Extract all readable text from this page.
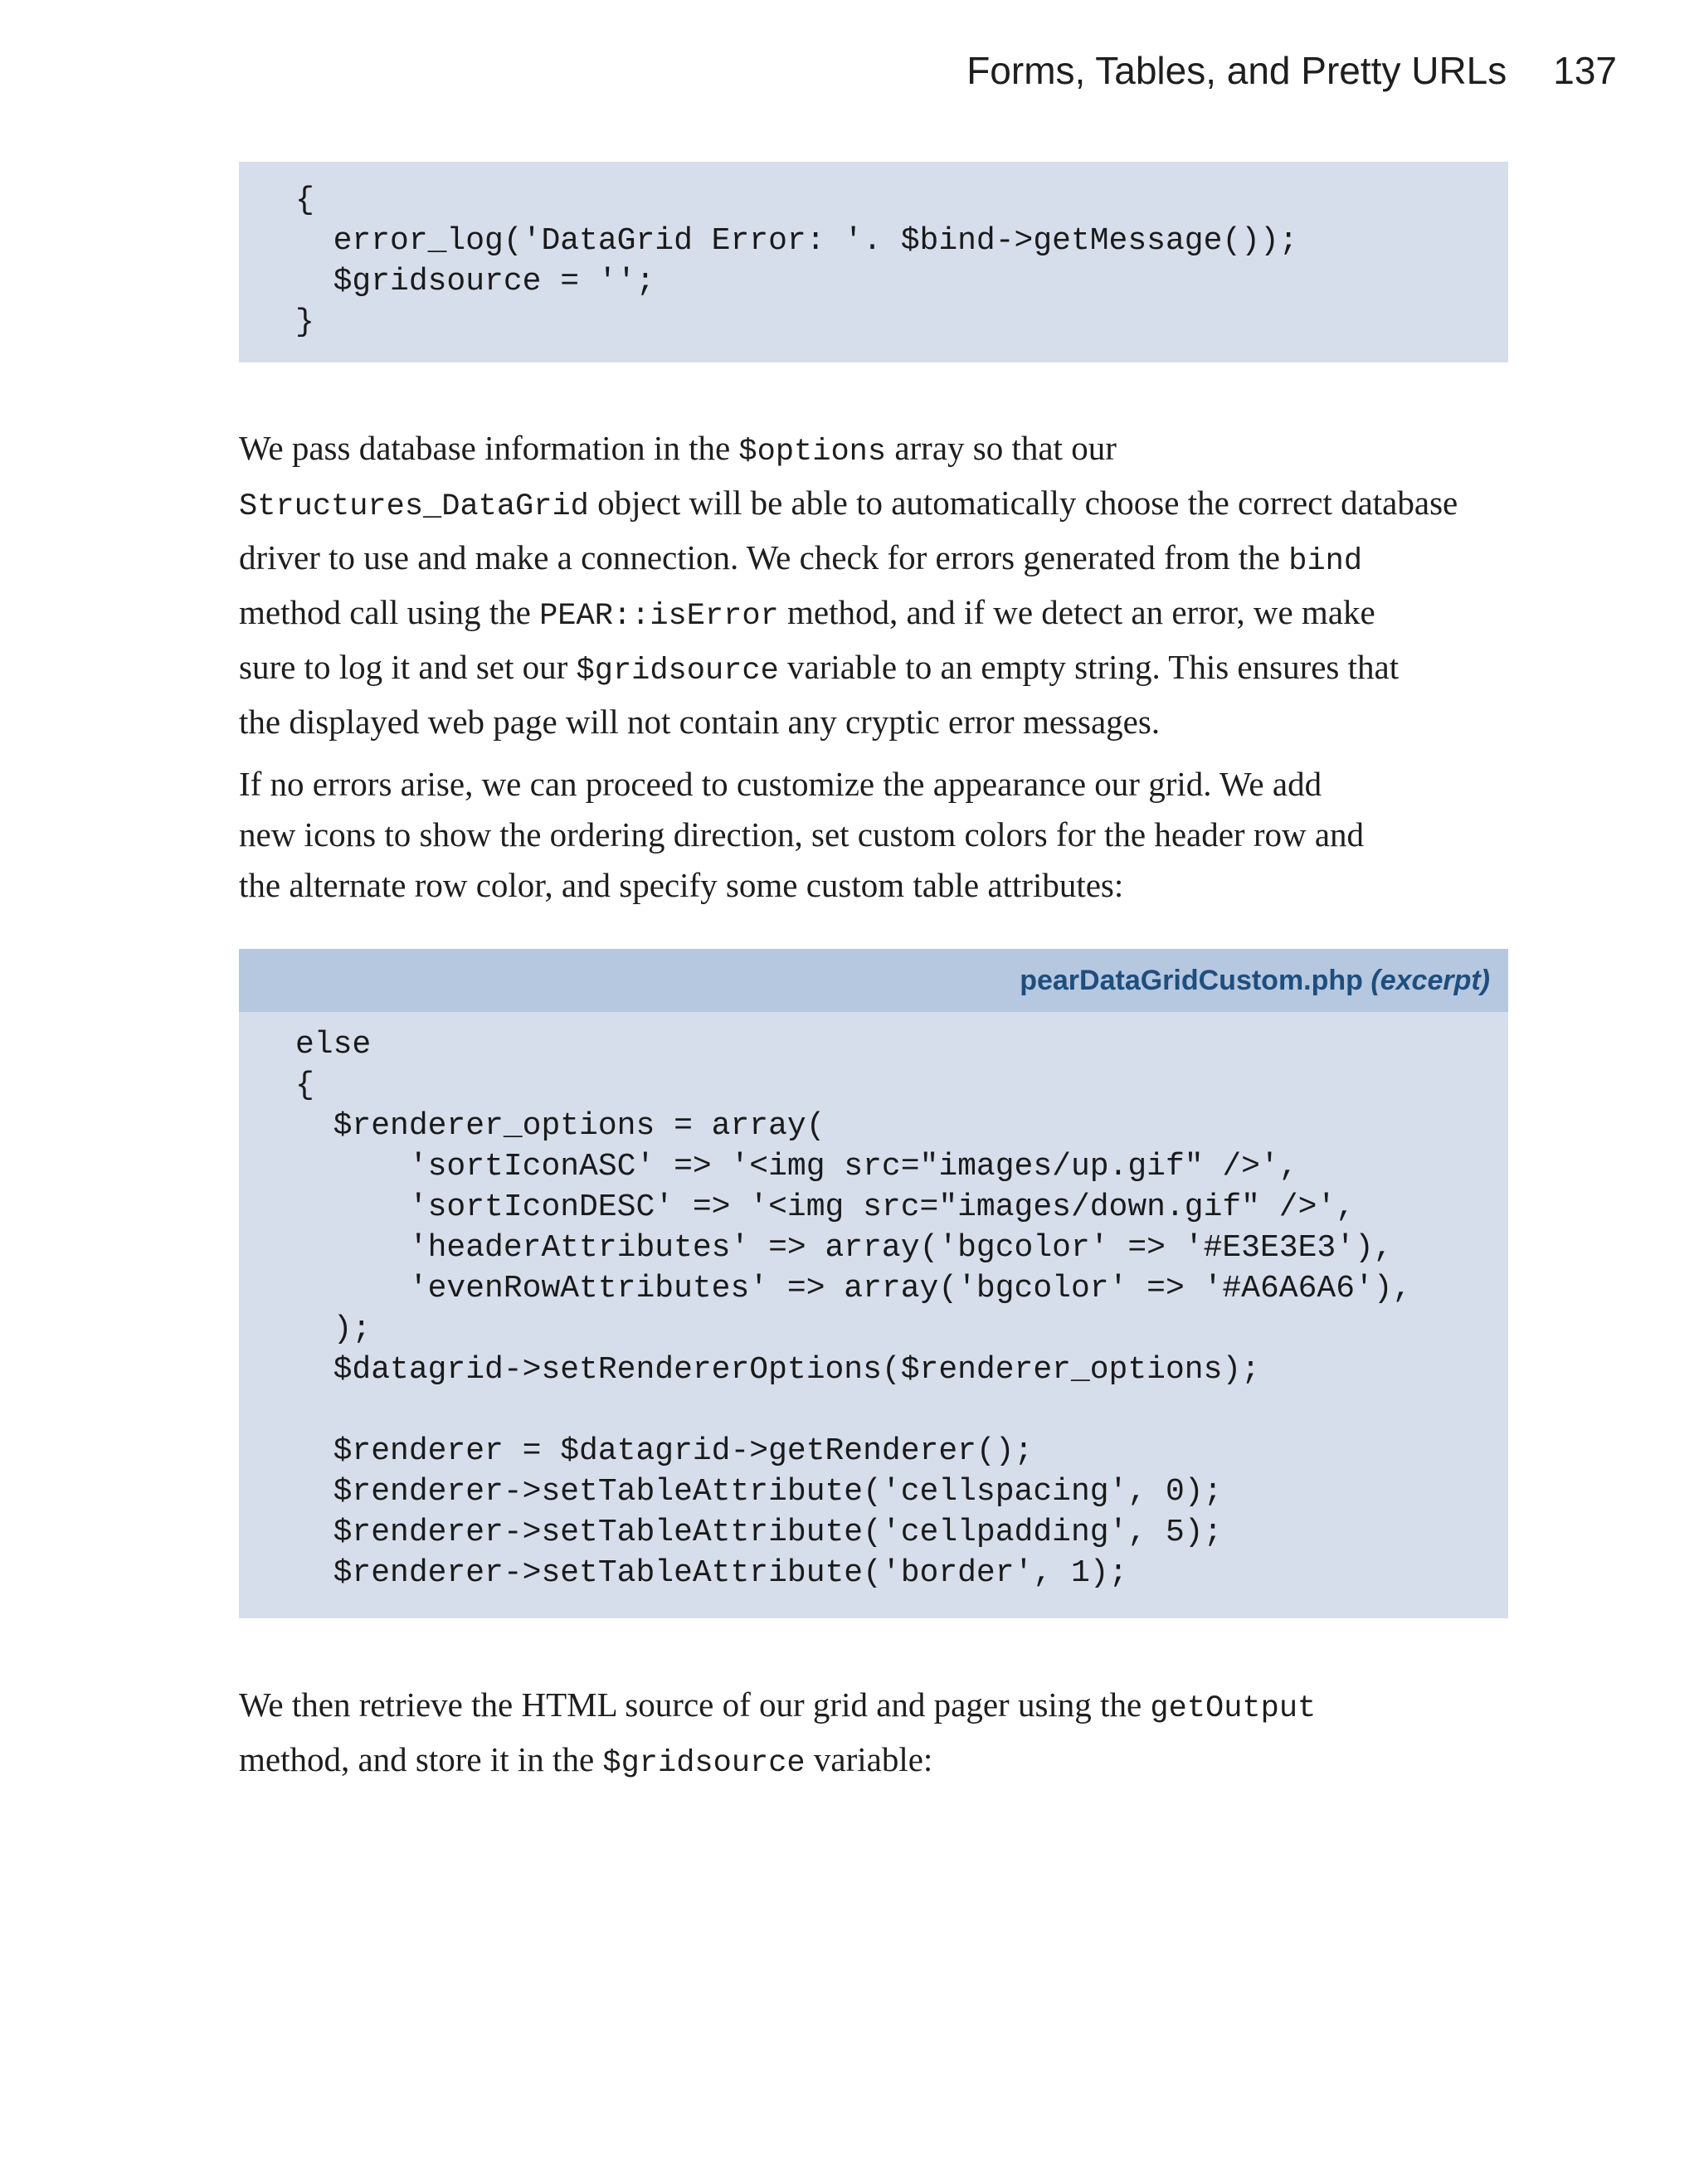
Forms, Tables, and Pretty URLs 137
{
error_log('DataGrid Error: '. $bind->getMessage());
$gridsource = '';
}

We pass database information in the $options array so that our
Structures_DataGrid object will be able to automatically choose the correct database
driver to use and make a connection. We check for errors generated from the bind
method call using the PEAR::isError method, and if we detect an error, we make
sure to log it and set our $gridsource variable to an empty string. This ensures that
the displayed web page will not contain any cryptic error messages.

If no errors arise, we can proceed to customize the appearance our grid. We add
new icons to show the ordering direction, set custom colors for the header row and
the alternate row color, and specify some custom table attributes:

pearDataGridCustom.php (excerpt)
else
{
$renderer_options = array(
'sortIconASC' => '<img src="images/up.gif" />',
'sortIconDESC' => '<img src="images/down.gif" />',
'headerAttributes' => array('bgcolor' => '#E3E3E3'),
'evenRowAttributes' => array('bgcolor' => '#A6A6A6'),
);
$datagrid->setRendererOptions($renderer_options);

$renderer = $datagrid->getRenderer();
$renderer->setTableAttribute('cellspacing', 0);
$renderer->setTableAttribute('cellpadding', 5);
$renderer->setTableAttribute('border', 1);

We then retrieve the HTML source of our grid and pager using the getOutput
method, and store it in the $gridsource variable:
